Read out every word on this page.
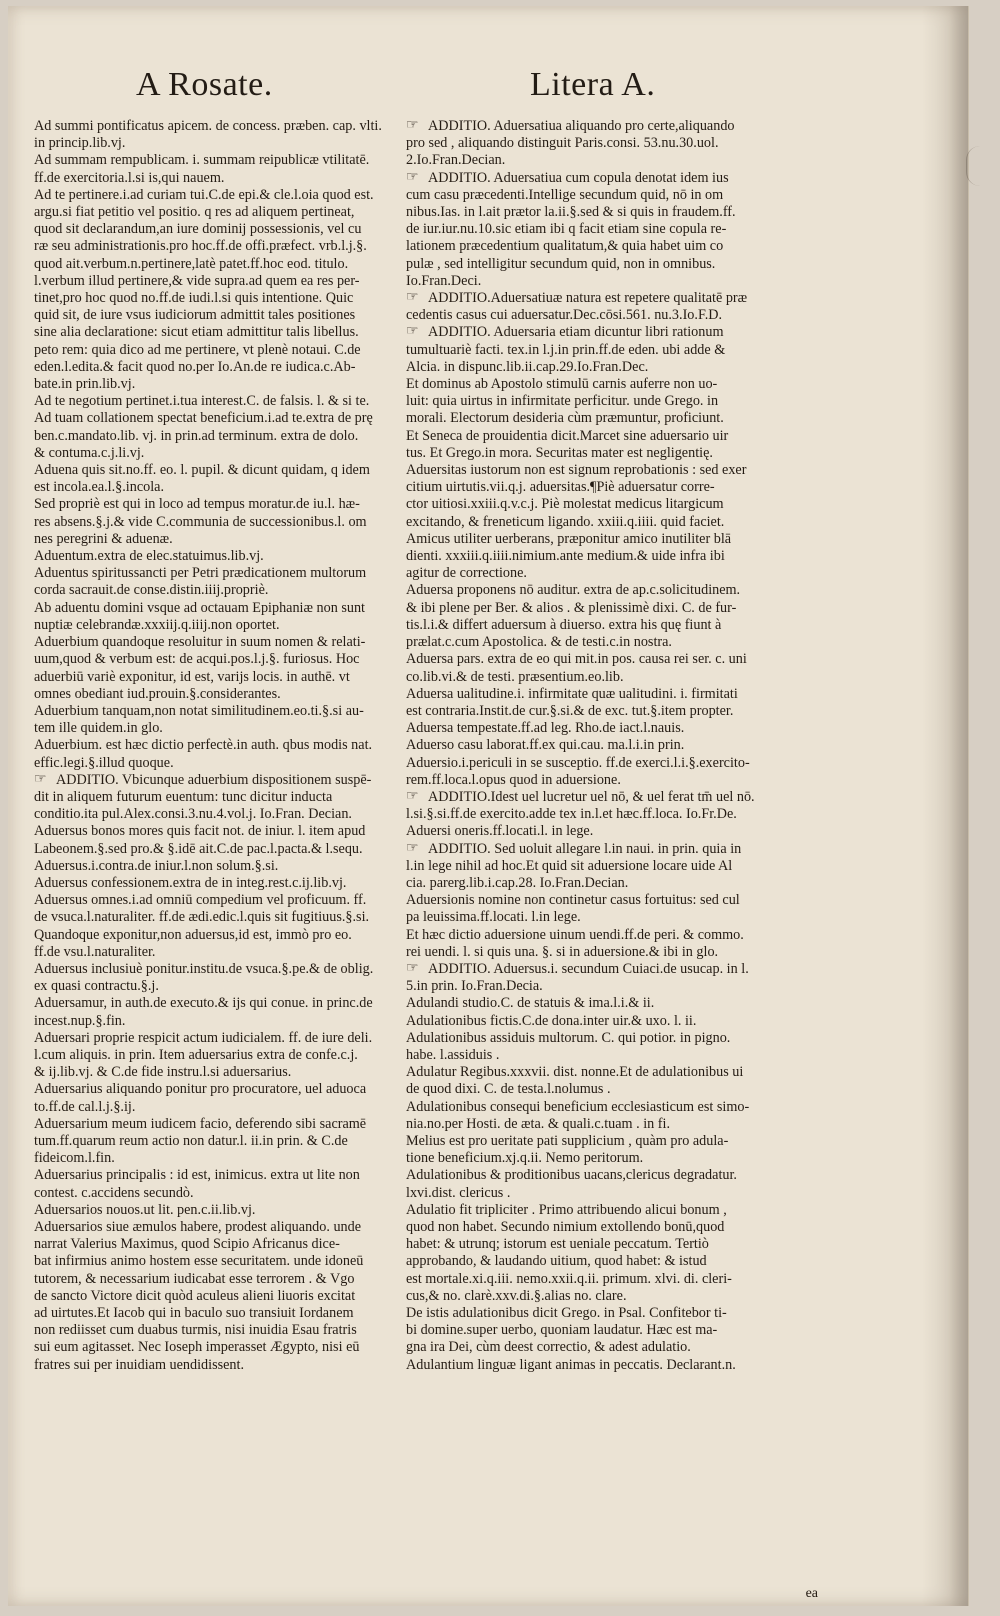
A Rosate.	Litera A.
Ad summi pontificatus apicem. de concess. præben. cap. vlti.
in princip.lib.vj.
Ad summam rempublicam. i. summam reipublicæ vtilitatē.
ff.de exercitoria.l.si is,qui nauem.
Ad te pertinere.i.ad curiam tui.C.de epi.& cle.l.oia quod est.
argu.si fiat petitio vel positio. q res ad aliquem pertineat,
quod sit declarandum,an iure dominij possessionis, vel cu
ræ seu administrationis.pro hoc.ff.de offi.præfect. vrb.l.j.§.
quod ait.verbum.n.pertinere,latè patet.ff.hoc eod. titulo.
l.verbum illud pertinere,& vide supra.ad quem ea res per-
tinet,pro hoc quod no.ff.de iudi.l.si quis intentione. Quic
quid sit, de iure vsus iudiciorum admittit tales positiones
sine alia declaratione: sicut etiam admittitur talis libellus.
peto rem: quia dico ad me pertinere, vt plenè notaui. C.de
eden.l.edita.& facit quod no.per Io.An.de re iudica.c.Ab-
bate.in prin.lib.vj.
Ad te negotium pertinet.i.tua interest.C. de falsis. l. & si te.
Ad tuam collationem spectat beneficium.i.ad te.extra de prę
ben.c.mandato.lib. vj. in prin.ad terminum. extra de dolo.
& contuma.c.j.li.vj.
Aduena quis sit.no.ff. eo. l. pupil. & dicunt quidam, q idem
est incola.ea.l.§.incola.
Sed propriè est qui in loco ad tempus moratur.de iu.l. hæ-
res absens.§.j.& vide C.communia de successionibus.l. om
nes peregrini & aduenæ.
Aduentum.extra de elec.statuimus.lib.vj.
Aduentus spiritussancti per Petri prædicationem multorum
corda sacrauit.de conse.distin.iiij.propriè.
Ab aduentu domini vsque ad octauam Epiphaniæ non sunt
nuptiæ celebrandæ.xxxiij.q.iiij.non oportet.
Aduerbium quandoque resoluitur in suum nomen & relati-
uum,quod & verbum est: de acqui.pos.l.j.§. furiosus. Hoc
aduerbiū variè exponitur, id est, varijs locis. in authē. vt
omnes obediant iud.prouin.§.considerantes.
Aduerbium tanquam,non notat similitudinem.eo.ti.§.si au-
tem ille quidem.in glo.
Aduerbium. est hæc dictio perfectè.in auth. qbus modis nat.
effic.legi.§.illud quoque.
☞ ADDITIO. Vbicunque aduerbium dispositionem suspē-
dit in aliquem futurum euentum: tunc dicitur inducta
conditio.ita pul.Alex.consi.3.nu.4.vol.j. Io.Fran. Decian.
Aduersus bonos mores quis facit not. de iniur. l. item apud
Labeonem.§.sed pro.& §.idē ait.C.de pac.l.pacta.& l.sequ.
Aduersus.i.contra.de iniur.l.non solum.§.si.
Aduersus confessionem.extra de in integ.rest.c.ij.lib.vj.
Aduersus omnes.i.ad omniū compedium vel proficuum. ff.
de vsuca.l.naturaliter. ff.de ædi.edic.l.quis sit fugitiuus.§.si.
Quandoque exponitur,non aduersus,id est, immò pro eo.
ff.de vsu.l.naturaliter.
Aduersus inclusiuè ponitur.institu.de vsuca.§.pe.& de oblig.
ex quasi contractu.§.j.
Aduersamur, in auth.de executo.& ijs qui conue. in princ.de
incest.nup.§.fin.
Aduersari proprie respicit actum iudicialem. ff. de iure deli.
l.cum aliquis. in prin. Item aduersarius extra de confe.c.j.
& ij.lib.vj. & C.de fide instru.l.si aduersarius.
Aduersarius aliquando ponitur pro procuratore, uel aduoca
to.ff.de cal.l.j.§.ij.
Aduersarium meum iudicem facio, deferendo sibi sacramē
tum.ff.quarum reum actio non datur.l. ii.in prin. & C.de
fideicom.l.fin.
Aduersarius principalis : id est, inimicus. extra ut lite non
contest. c.accidens secundò.
Aduersarios nouos.ut lit. pen.c.ii.lib.vj.
Aduersarios siue æmulos habere, prodest aliquando. unde
narrat Valerius Maximus, quod Scipio Africanus dice-
bat infirmius animo hostem esse securitatem. unde idoneū
tutorem, & necessarium iudicabat esse terrorem . & Vgo
de sancto Victore dicit quòd aculeus alieni liuoris excitat
ad uirtutes.Et Iacob qui in baculo suo transiuit Iordanem
non rediisset cum duabus turmis, nisi inuidia Esau fratris
sui eum agitasset. Nec Ioseph imperasset Ægypto, nisi eū
fratres sui per inuidiam uendidissent.
☞ ADDITIO. Aduersatiua aliquando pro certe,aliquando
pro sed , aliquando distinguit Paris.consi. 53.nu.30.uol.
2.Io.Fran.Decian.
☞ ADDITIO. Aduersatiua cum copula denotat idem ius
cum casu præcedenti.Intellige secundum quid, nō in om
nibus.Ias. in l.ait prætor la.ii.§.sed & si quis in fraudem.ff.
de iur.iur.nu.10.sic etiam ibi q facit etiam sine copula re-
lationem præcedentium qualitatum,& quia habet uim co
pulæ , sed intelligitur secundum quid, non in omnibus.
Io.Fran.Deci.
☞ ADDITIO.Aduersatiuæ natura est repetere qualitatē præ
cedentis casus cui aduersatur.Dec.cōsi.561. nu.3.Io.F.D.
☞ ADDITIO. Aduersaria etiam dicuntur libri rationum
tumultuariè facti. tex.in l.j.in prin.ff.de eden. ubi adde &
Alcia. in dispunc.lib.ii.cap.29.Io.Fran.Dec.
Et dominus ab Apostolo stimulū carnis auferre non uo-
luit: quia uirtus in infirmitate perficitur. unde Grego. in
morali. Electorum desideria cùm præmuntur, proficiunt.
Et Seneca de prouidentia dicit.Marcet sine aduersario uir
tus. Et Grego.in mora. Securitas mater est negligentię.
Aduersitas iustorum non est signum reprobationis : sed exer
citium uirtutis.vii.q.j. aduersitas.¶Piè aduersatur corre-
ctor uitiosi.xxiii.q.v.c.j. Piè molestat medicus litargicum
excitando, & freneticum ligando. xxiii.q.iiii. quid faciet.
Amicus utiliter uerberans, præponitur amico inutiliter blā
dienti. xxxiii.q.iiii.nimium.ante medium.& uide infra ibi
agitur de correctione.
Aduersa proponens nō auditur. extra de ap.c.solicitudinem.
& ibi plene per Ber. & alios . & plenissimè dixi. C. de fur-
tis.l.i.& differt aduersum à diuerso. extra his quę fiunt à
prælat.c.cum Apostolica. & de testi.c.in nostra.
Aduersa pars. extra de eo qui mit.in pos. causa rei ser. c. uni
co.lib.vi.& de testi. præsentium.eo.lib.
Aduersa ualitudine.i. infirmitate quæ ualitudini. i. firmitati
est contraria.Instit.de cur.§.si.& de exc. tut.§.item propter.
Aduersa tempestate.ff.ad leg. Rho.de iact.l.nauis.
Aduerso casu laborat.ff.ex qui.cau. ma.l.i.in prin.
Aduersio.i.periculi in se susceptio. ff.de exerci.l.i.§.exercito-
rem.ff.loca.l.opus quod in aduersione.
☞ ADDITIO.Idest uel lucretur uel nō, & uel ferat tm̄ uel nō.
l.si.§.si.ff.de exercito.adde tex in.l.et hæc.ff.loca. Io.Fr.De.
Aduersi oneris.ff.locati.l. in lege.
☞ ADDITIO. Sed uoluit allegare l.in naui. in prin. quia in
l.in lege nihil ad hoc.Et quid sit aduersione locare uide Al
cia. parerg.lib.i.cap.28. Io.Fran.Decian.
Aduersionis nomine non continetur casus fortuitus: sed cul
pa leuissima.ff.locati. l.in lege.
Et hæc dictio aduersione uinum uendi.ff.de peri. & commo.
rei uendi. l. si quis una. §. si in aduersione.& ibi in glo.
☞ ADDITIO. Aduersus.i. secundum Cuiaci.de usucap. in l.
5.in prin. Io.Fran.Decia.
Adulandi studio.C. de statuis & ima.l.i.& ii.
Adulationibus fictis.C.de dona.inter uir.& uxo. l. ii.
Adulationibus assiduis multorum. C. qui potior. in pigno.
habe. l.assiduis .
Adulatur Regibus.xxxvii. dist. nonne.Et de adulationibus ui
de quod dixi. C. de testa.l.nolumus .
Adulationibus consequi beneficium ecclesiasticum est simo-
nia.no.per Hosti. de æta. & quali.c.tuam . in fi.
Melius est pro ueritate pati supplicium , quàm pro adula-
tione beneficium.xj.q.ii. Nemo peritorum.
Adulationibus & proditionibus uacans,clericus degradatur.
lxvi.dist. clericus .
Adulatio fit tripliciter . Primo attribuendo alicui bonum ,
quod non habet. Secundo nimium extollendo bonū,quod
habet: & utrunq; istorum est ueniale peccatum. Tertiò
approbando, & laudando uitium, quod habet: & istud
est mortale.xi.q.iii. nemo.xxii.q.ii. primum. xlvi. di. cleri-
cus,& no. clarè.xxv.di.§.alias no. clare.
De istis adulationibus dicit Grego. in Psal. Confitebor ti-
bi domine.super uerbo, quoniam laudatur. Hæc est ma-
gna ira Dei, cùm deest correctio, & adest adulatio.
Adulantium linguæ ligant animas in peccatis. Declarant.n.
ea
